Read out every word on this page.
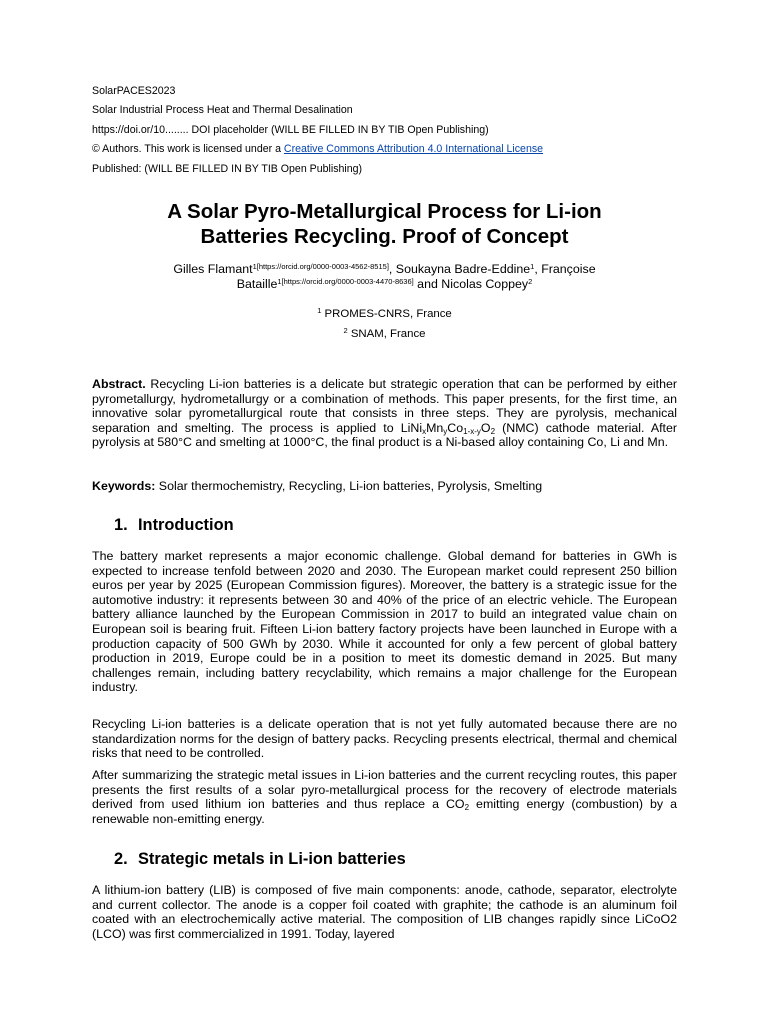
SolarPACES2023
Solar Industrial Process Heat and Thermal Desalination
https://doi.or/10........ DOI placeholder (WILL BE FILLED IN BY TIB Open Publishing)
© Authors. This work is licensed under a Creative Commons Attribution 4.0 International License
Published: (WILL BE FILLED IN BY TIB Open Publishing)
A Solar Pyro-Metallurgical Process for Li-ion
Batteries Recycling. Proof of Concept
Gilles Flamant$^{1[https://orcid.org/0000-0003-4562-8515]}$, Soukayna Badre-Eddine$^1$, Françoise
Bataille$^{1[https://orcid.org/0000-0003-4470-8636]}$ and Nicolas Coppey$^2$
$^1$ PROMES-CNRS, France
$^2$ SNAM, France
Abstract. Recycling Li-ion batteries is a delicate but strategic operation that can be performed by either pyrometallurgy, hydrometallurgy or a combination of methods. This paper presents, for the first time, an innovative solar pyrometallurgical route that consists in three steps. They are pyrolysis, mechanical separation and smelting. The process is applied to $LiNi_xMn_yCo_{1-x-y}O_2$ (NMC) cathode material. After pyrolysis at 580°C and smelting at 1000°C, the final product is a Ni-based alloy containing Co, Li and Mn.
Keywords: Solar thermochemistry, Recycling, Li-ion batteries, Pyrolysis, Smelting
1. Introduction
The battery market represents a major economic challenge. Global demand for batteries in GWh is expected to increase tenfold between 2020 and 2030. The European market could represent 250 billion euros per year by 2025 (European Commission figures). Moreover, the battery is a strategic issue for the automotive industry: it represents between 30 and 40% of the price of an electric vehicle. The European battery alliance launched by the European Commission in 2017 to build an integrated value chain on European soil is bearing fruit. Fifteen Li-ion battery factory projects have been launched in Europe with a production capacity of 500 GWh by 2030. While it accounted for only a few percent of global battery production in 2019, Europe could be in a position to meet its domestic demand in 2025. But many challenges remain, including battery recyclability, which remains a major challenge for the European industry.
Recycling Li-ion batteries is a delicate operation that is not yet fully automated because there are no standardization norms for the design of battery packs. Recycling presents electrical, thermal and chemical risks that need to be controlled.
After summarizing the strategic metal issues in Li-ion batteries and the current recycling routes, this paper presents the first results of a solar pyro-metallurgical process for the recovery of electrode materials derived from used lithium ion batteries and thus replace a $CO_2$ emitting energy (combustion) by a renewable non-emitting energy.
2. Strategic metals in Li-ion batteries
A lithium-ion battery (LIB) is composed of five main components: anode, cathode, separator, electrolyte and current collector. The anode is a copper foil coated with graphite; the cathode is an aluminum foil coated with an electrochemically active material. The composition of LIB changes rapidly since LiCoO2 (LCO) was first commercialized in 1991. Today, layered
